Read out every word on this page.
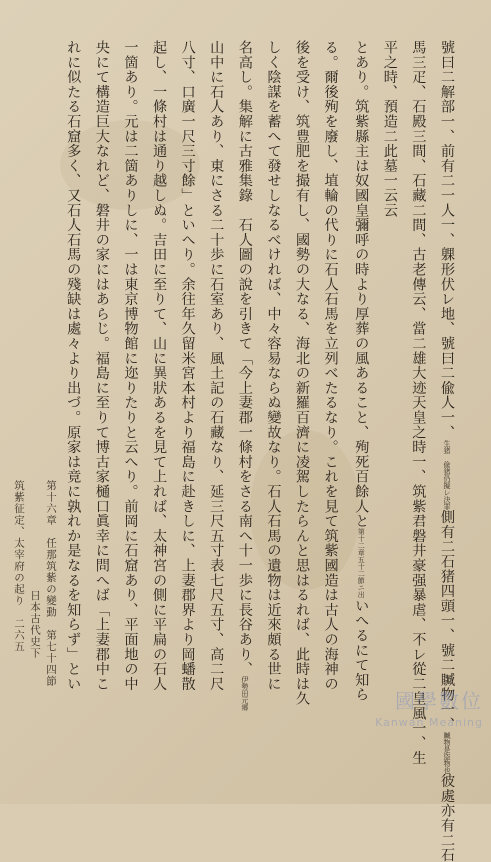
號曰二解部一、前有二一人一、躶形伏レ地、號曰二偸人一、生猪　偸猪仍擬レ決罪側有二石猪四頭一、號二贓物一、贓物是盜物也彼處亦有二石
馬三疋、石殿三間、石藏二間、古老傳云、當二雄大迹天皇之時一、筑紫君磐井豪强暴虐、不レ從二皇風一、生
平之時、預造二此墓一云云
とあり。筑紫縣主は奴國皇彌呼の時より厚葬の風あること、殉死百餘人と第十二章五十二節ニ出いへるにて知ら
る。爾後殉を廢し、埴輪の代りに石人石馬を立列べたるなり。これを見て筑紫國造は古人の海神の
後を受け、筑豊肥を撮有し、國勢の大なる、海北の新羅百濟に凌駕したらんと思はるれば、此時は久
しく陰謀を蓄へて發せしなるべければ、中々容易ならぬ變故なり。石人石馬の遺物は近來頗る世に
名高し。集解に古雅集錄　石人圖の說を引きて「今上妻郡一條村をさる南へ十一歩に長谷あり、伊勢田元郷
山中に石人あり、東にさる二十歩に石室あり、風土記の石藏なり、延三尺五寸表七尺五寸、高二尺
八寸、口廣一尺三寸餘」といへり。余往年久留米宮本村より福島に赴きしに、上妻郡界より岡蟠散
起し、一條村は通り越しぬ。吉田に至りて、山に異狀あるを見て上れば、太神宮の側に平扁の石人
一箇あり。元は二箇ありしに、一は東京博物館に迩りたりと云へり。前岡に石窟あり、平面地の中
央にて構造巨大なれど、磐井の家にはあらじ。福島に至りて博古家樋口眞幸に問へば「上妻郡中こ
れに似たる石窟多く、又石人石馬の殘缺は處々より出づ。原家は竟に孰れか是なるを知らず」とい
筑紫征定、太宰府の起り　二六五 第十六章　任那筑紫の變動　第七十四節
日本古代史下
國學數位
Kanwan Meaning
